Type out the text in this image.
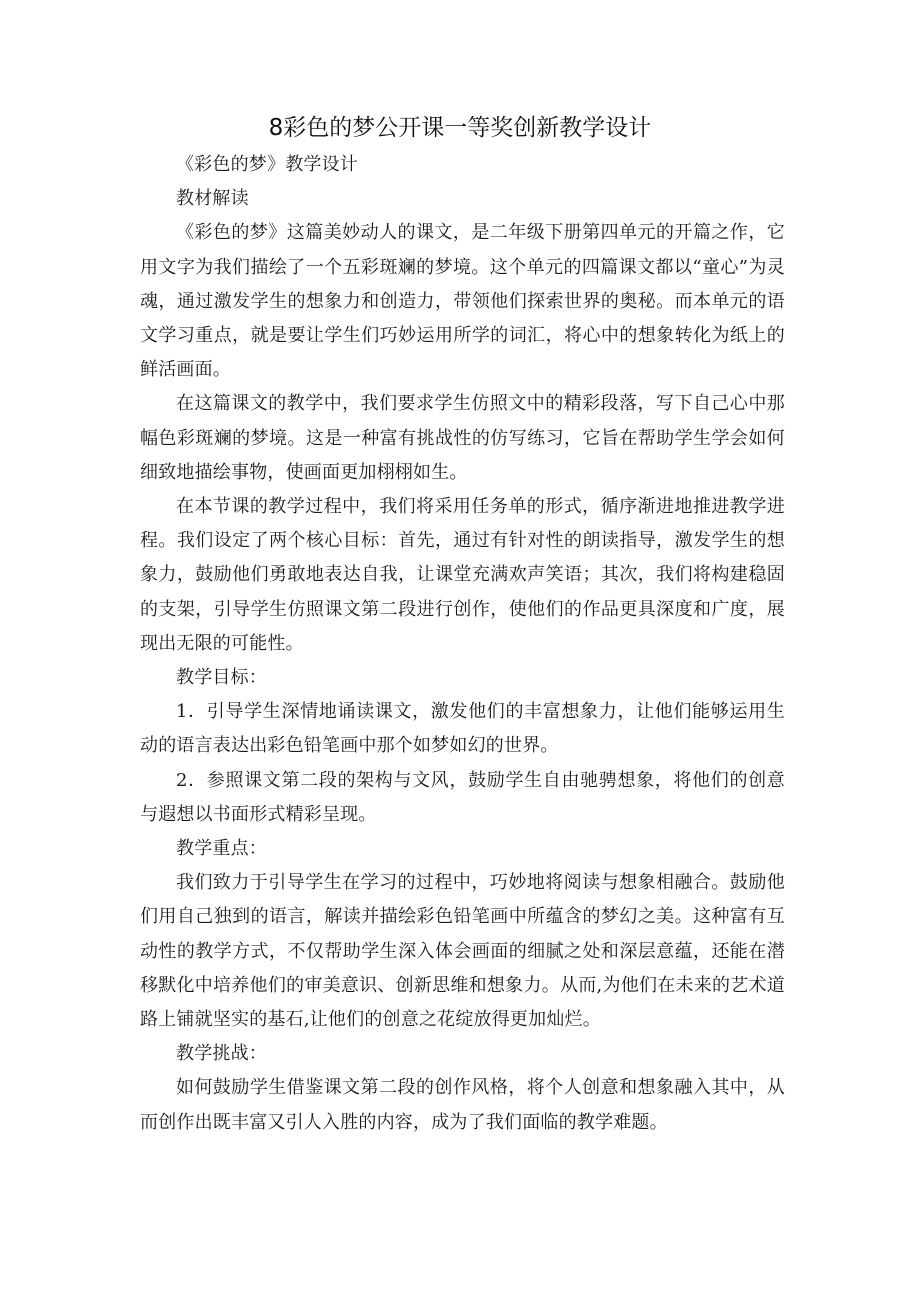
8彩色的梦公开课一等奖创新教学设计

《彩色的梦》教学设计

教材解读

《彩色的梦》这篇美妙动人的课文，是二年级下册第四单元的开篇之作，它用文字为我们描绘了一个五彩斑斓的梦境。这个单元的四篇课文都以“童心”为灵魂，通过激发学生的想象力和创造力，带领他们探索世界的奥秘。而本单元的语文学习重点，就是要让学生们巧妙运用所学的词汇，将心中的想象转化为纸上的鲜活画面。

在这篇课文的教学中，我们要求学生仿照文中的精彩段落，写下自己心中那幅色彩斑斓的梦境。这是一种富有挑战性的仿写练习，它旨在帮助学生学会如何细致地描绘事物，使画面更加栩栩如生。

在本节课的教学过程中，我们将采用任务单的形式，循序渐进地推进教学进程。我们设定了两个核心目标：首先，通过有针对性的朗读指导，激发学生的想象力，鼓励他们勇敢地表达自我，让课堂充满欢声笑语；其次，我们将构建稳固的支架，引导学生仿照课文第二段进行创作，使他们的作品更具深度和广度，展现出无限的可能性。

教学目标：

1．引导学生深情地诵读课文，激发他们的丰富想象力，让他们能够运用生动的语言表达出彩色铅笔画中那个如梦如幻的世界。

2．参照课文第二段的架构与文风，鼓励学生自由驰骋想象，将他们的创意与遐想以书面形式精彩呈现。

教学重点：

我们致力于引导学生在学习的过程中，巧妙地将阅读与想象相融合。鼓励他们用自己独到的语言，解读并描绘彩色铅笔画中所蕴含的梦幻之美。这种富有互动性的教学方式，不仅帮助学生深入体会画面的细腻之处和深层意蕴，还能在潜移默化中培养他们的审美意识、创新思维和想象力。从而,为他们在未来的艺术道路上铺就坚实的基石,让他们的创意之花绽放得更加灿烂。

教学挑战：

如何鼓励学生借鉴课文第二段的创作风格，将个人创意和想象融入其中，从而创作出既丰富又引人入胜的内容，成为了我们面临的教学难题。
